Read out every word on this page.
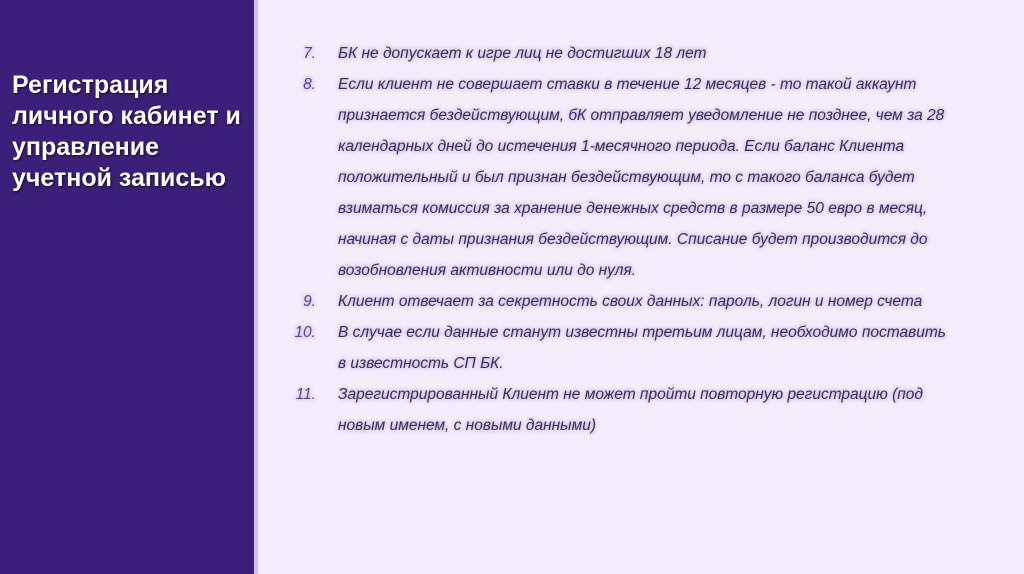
Регистрация
личного кабинет и
управление
учетной записью
7. БК не допускает к игре лиц не достигших 18 лет
8. Если клиент не совершает ставки в течение 12 месяцев - то такой аккаунт
признается бездействующим, бК отправляет уведомление не позднее, чем за 28
календарных дней до истечения 1-месячного периода. Если баланс Клиента
положительный и был признан бездействующим, то с такого баланса будет
взиматься комиссия за хранение денежных средств в размере 50 евро в месяц,
начиная с даты признания бездействующим. Списание будет производится до
возобновления активности или до нуля.
9. Клиент отвечает за секретность своих данных: пароль, логин и номер счета
10. В случае если данные станут известны третьим лицам, необходимо поставить
в известность СП БК.
11. Зарегистрированный Клиент не может пройти повторную регистрацию (под
новым именем, с новыми данными)
